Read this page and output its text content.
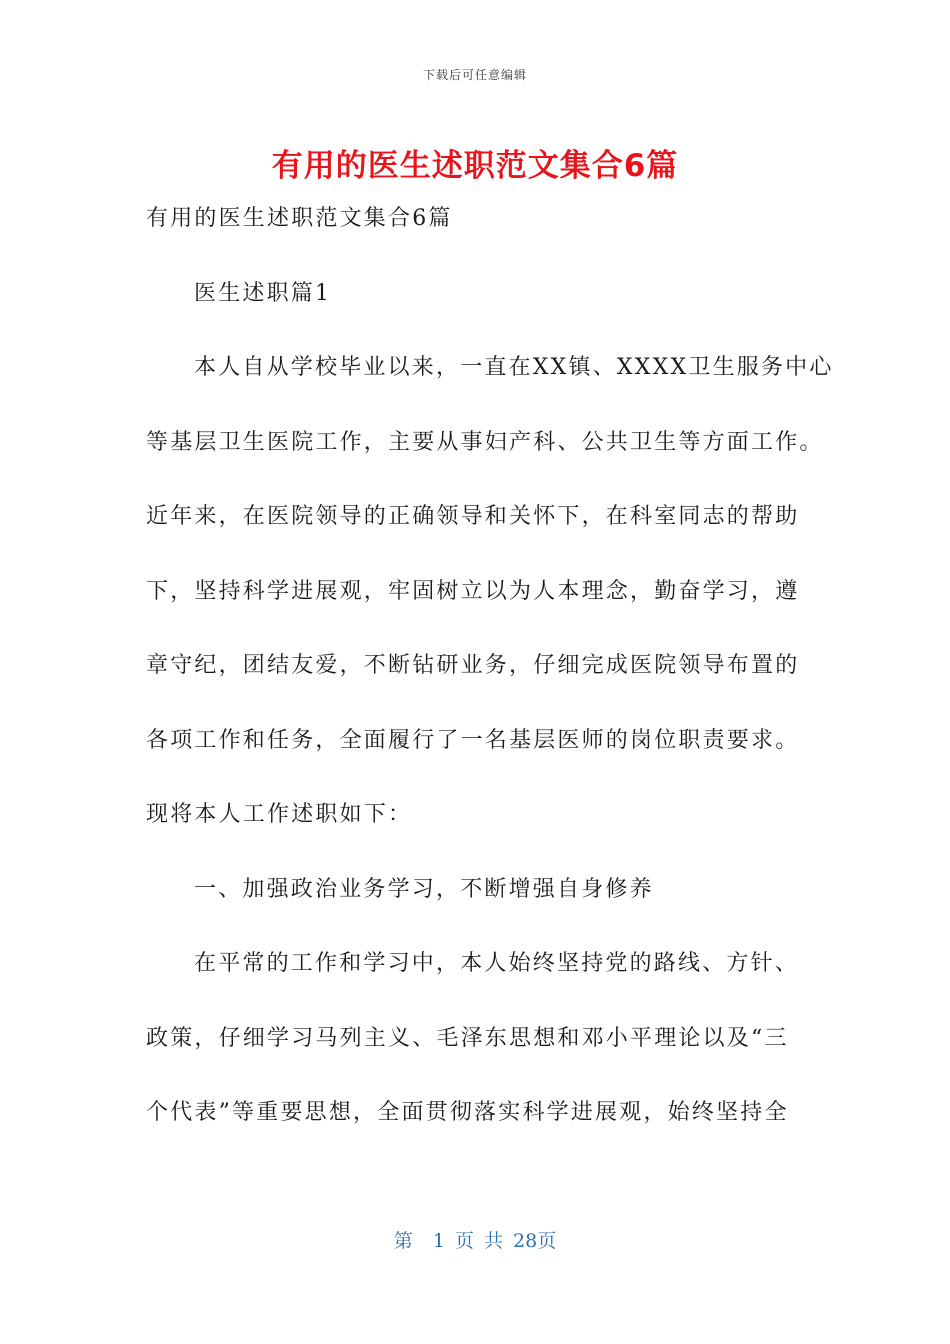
下载后可任意编辑
有用的医生述职范文集合6篇
有用的医生述职范文集合6篇
医生述职篇1
本人自从学校毕业以来，一直在XX镇、XXXX卫生服务中心
等基层卫生医院工作，主要从事妇产科、公共卫生等方面工作。
近年来，在医院领导的正确领导和关怀下，在科室同志的帮助
下，坚持科学进展观，牢固树立以为人本理念，勤奋学习，遵
章守纪，团结友爱，不断钻研业务，仔细完成医院领导布置的
各项工作和任务，全面履行了一名基层医师的岗位职责要求。
现将本人工作述职如下：
一、加强政治业务学习，不断增强自身修养
在平常的工作和学习中，本人始终坚持党的路线、方针、
政策，仔细学习马列主义、毛泽东思想和邓小平理论以及“三
个代表”等重要思想，全面贯彻落实科学进展观，始终坚持全
第  1 页 共 28页
